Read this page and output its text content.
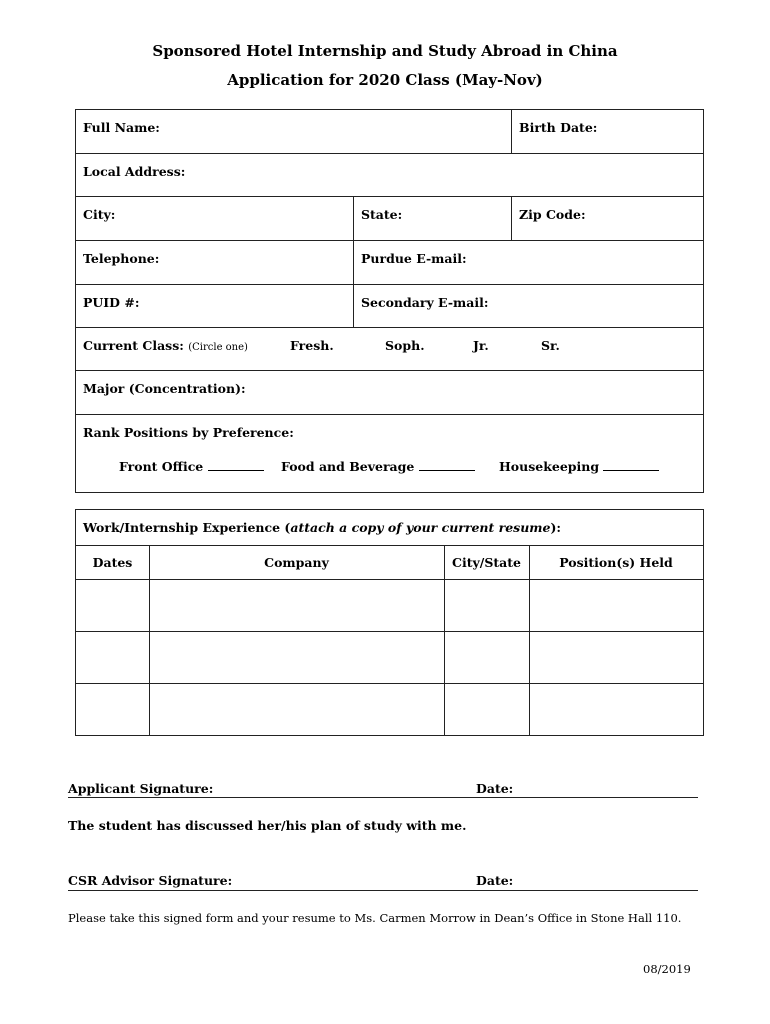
Sponsored Hotel Internship and Study Abroad in China
Application for 2020 Class (May-Nov)
Full Name:	Birth Date:
Local Address:
City:	State:	Zip Code:
Telephone:	Purdue E-mail:
PUID #:	Secondary E-mail:
Current Class: (Circle one)	Fresh.	Soph.	Jr.	Sr.
Major (Concentration):
Rank Positions by Preference:
Front Office	Food and Beverage	Housekeeping
Work/Internship Experience (attach a copy of your current resume):
Dates	Company	City/State	Position(s) Held
Applicant Signature:	Date:
The student has discussed her/his plan of study with me.
CSR Advisor Signature:	Date:
Please take this signed form and your resume to Ms. Carmen Morrow in Dean’s Office in Stone Hall 110.
08/2019
